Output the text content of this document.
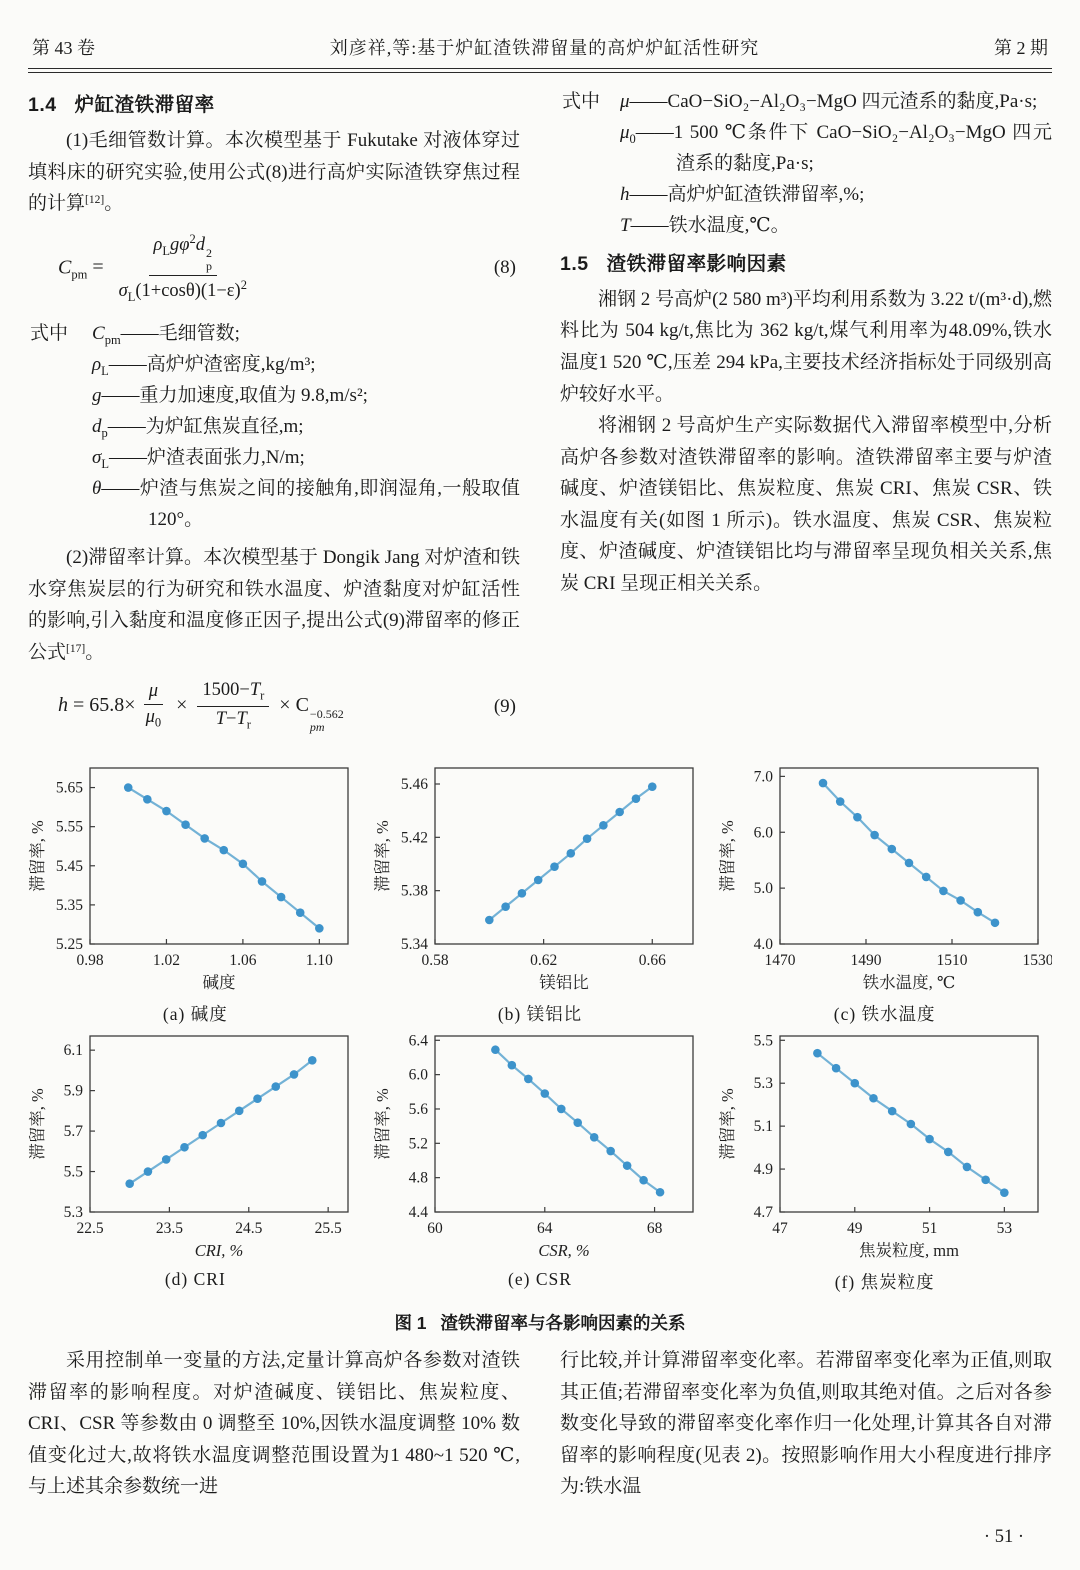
第 43 卷	刘彦祥,等:基于炉缸渣铁滞留量的高炉炉缸活性研究	第 2 期
1.4 炉缸渣铁滞留率

(1)毛细管数计算。本次模型基于 Fukutake 对液体穿过填料床的研究实验,使用公式(8)进行高炉实际渣铁穿焦过程的计算[12]。

$C_{pm} = \rho_Lg\varphi^2d$ 2
p
$\sigma_L(1+\cos\theta)(1-\varepsilon)^2$	(8)
式中 $C_{pm}——$毛细管数;
$\rho_L——$高炉炉渣密度,kg/m³;
g——重力加速度,取值为 9.8,m/s²;
$d_p——$为炉缸焦炭直径,m;
$\sigma_L——$炉渣表面张力,N/m;
θ——炉渣与焦炭之间的接触角,即润湿角,一般取值 120°。

(2)滞留率计算。本次模型基于 Dongik Jang 对炉渣和铁水穿焦炭层的行为研究和铁水温度、炉渣黏度对炉缸活性的影响,引入黏度和温度修正因子,提出公式(9)滞留率的修正公式[17]。

$h = 65.8\times \frac{\mu}{\mu_0} \times \frac{1500-T_r}{T-T_r} \times C -0.562$
pm
(9)
式中 μ——CaO−SiO₂−Al₂O₃−MgO 四元渣系的黏度,Pa·s;
$\mu_0——1$ 500 ℃条件下 CaO−SiO₂−Al₂O₃−MgO 四元渣系的黏度,Pa·s;
h——高炉炉缸渣铁滞留率,%;
T——铁水温度,℃。
1.5 渣铁滞留率影响因素

湘钢 2 号高炉(2 580 m³)平均利用系数为 3.22 t/(m³·d),燃料比为 504 kg/t,焦比为 362 kg/t,煤气利用率为48.09%,铁水温度1 520 ℃,压差 294 kPa,主要技术经济指标处于同级别高炉较好水平。

将湘钢 2 号高炉生产实际数据代入滞留率模型中,分析高炉各参数对渣铁滞留率的影响。渣铁滞留率主要与炉渣碱度、炉渣镁铝比、焦炭粒度、焦炭 CRI、焦炭 CSR、铁水温度有关(如图 1 所示)。铁水温度、焦炭 CSR、焦炭粒度、炉渣碱度、炉渣镁铝比均与滞留率呈现负相关关系,焦炭 CRI 呈现正相关关系。

0.98	1.02	1.06	1.10
5.25
5.35
5.45
5.55
5.65
碱度
滞留率, %
(a) 碱度
0.58	0.62	0.66
5.34
5.38
5.42
5.46
镁铝比
滞留率, %
(b) 镁铝比
1470	1490	1510	1530
4.0
5.0
6.0
7.0
铁水温度, ℃
滞留率, %
(c) 铁水温度
22.5	23.5	24.5	25.5
5.3
5.5
5.7
5.9
6.1
CRI, %
滞留率, %
(d) CRI
60	64	68
4.4
4.8
5.2
5.6
6.0
6.4
CSR, %
滞留率, %
(e) CSR
47	49	51	53
4.7
4.9
5.1
5.3
5.5
焦炭粒度, mm
滞留率, %
(f) 焦炭粒度
图 1 渣铁滞留率与各影响因素的关系

采用控制单一变量的方法,定量计算高炉各参数对渣铁滞留率的影响程度。对炉渣碱度、镁铝比、焦炭粒度、CRI、CSR 等参数由 0 调整至 10%,因铁水温度调整 10% 数值变化过大,故将铁水温度调整范围设置为1 480~1 520 ℃,与上述其余参数统一进

行比较,并计算滞留率变化率。若滞留率变化率为正值,则取其正值;若滞留率变化率为负值,则取其绝对值。之后对各参数变化导致的滞留率变化率作归一化处理,计算其各自对滞留率的影响程度(见表 2)。按照影响作用大小程度进行排序为:铁水温

· 51 ·
